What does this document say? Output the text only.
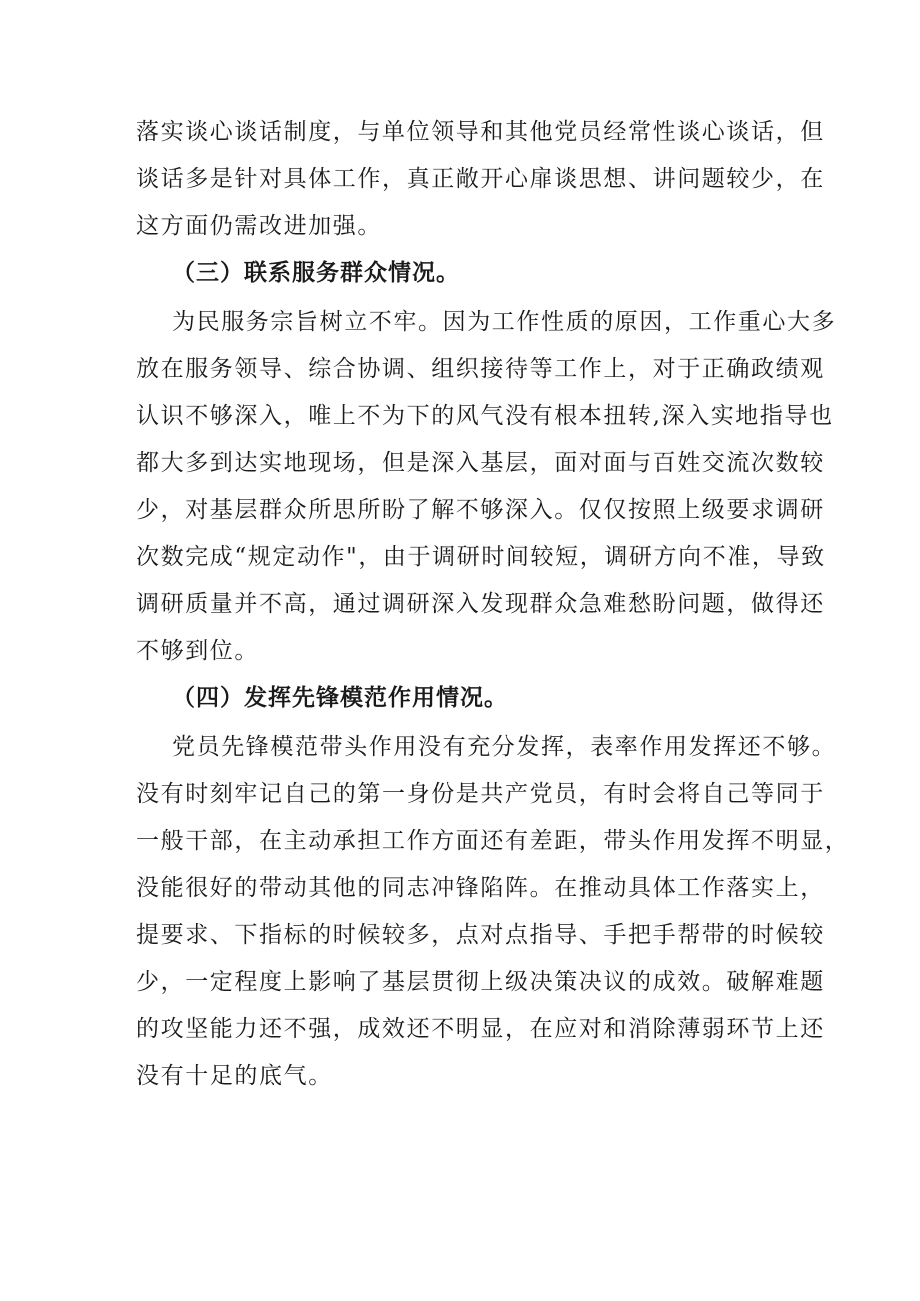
落实谈心谈话制度，与单位领导和其他党员经常性谈心谈话，但
谈话多是针对具体工作，真正敞开心扉谈思想、讲问题较少，在
这方面仍需改进加强。
（三）联系服务群众情况。
为民服务宗旨树立不牢。因为工作性质的原因，工作重心大多
放在服务领导、综合协调、组织接待等工作上，对于正确政绩观
认识不够深入，唯上不为下的风气没有根本扭转,深入实地指导也
都大多到达实地现场，但是深入基层，面对面与百姓交流次数较
少，对基层群众所思所盼了解不够深入。仅仅按照上级要求调研
次数完成“规定动作"，由于调研时间较短，调研方向不准，导致
调研质量并不高，通过调研深入发现群众急难愁盼问题，做得还
不够到位。
（四）发挥先锋模范作用情况。
党员先锋模范带头作用没有充分发挥，表率作用发挥还不够。
没有时刻牢记自己的第一身份是共产党员，有时会将自己等同于
一般干部，在主动承担工作方面还有差距，带头作用发挥不明显，
没能很好的带动其他的同志冲锋陷阵。在推动具体工作落实上，
提要求、下指标的时候较多，点对点指导、手把手帮带的时候较
少，一定程度上影响了基层贯彻上级决策决议的成效。破解难题
的攻坚能力还不强，成效还不明显，在应对和消除薄弱环节上还
没有十足的底气。
